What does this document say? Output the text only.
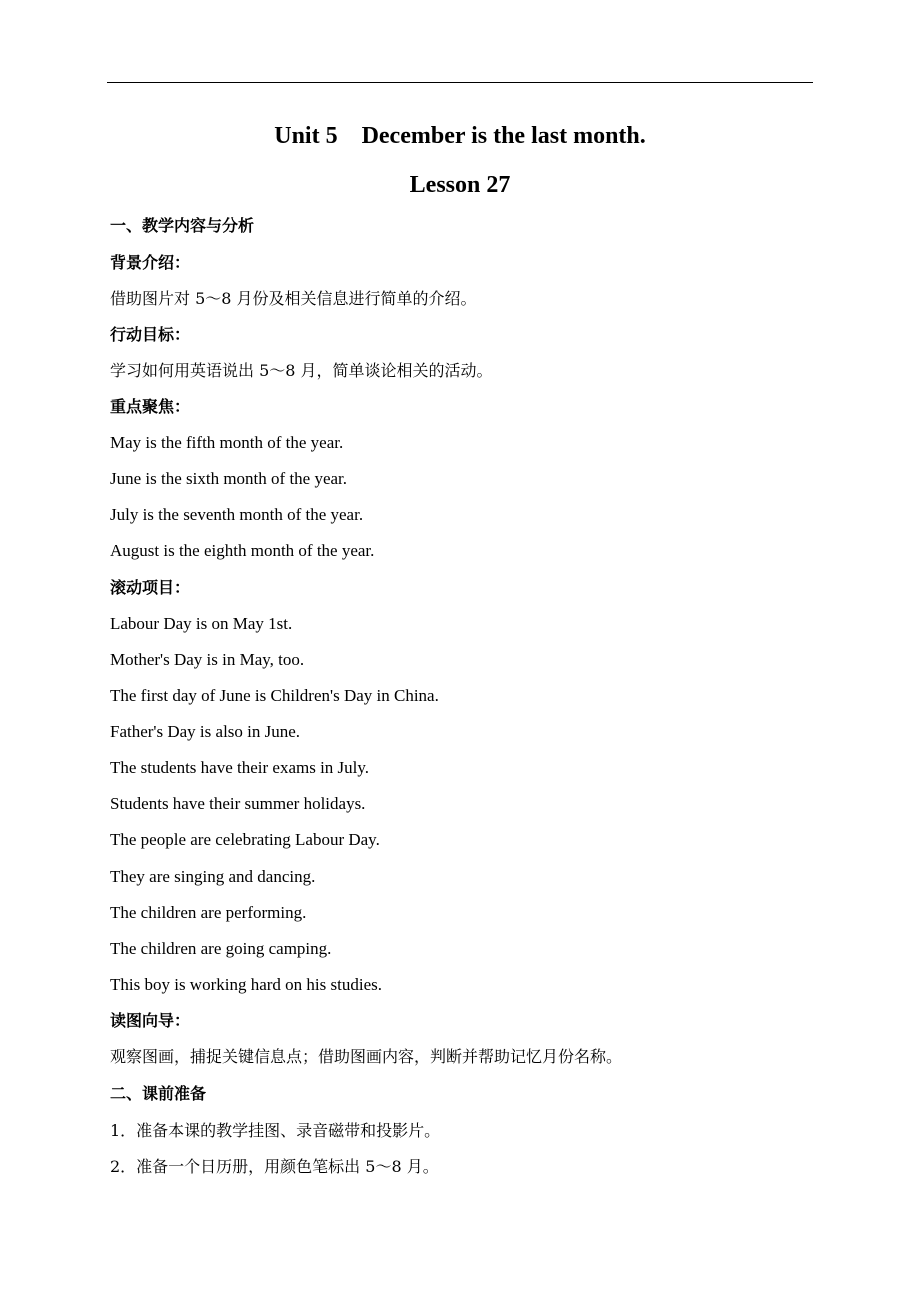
Unit 5    December is the last month.
Lesson 27
一、教学内容与分析
背景介绍：
借助图片对 5～8 月份及相关信息进行简单的介绍。
行动目标：
学习如何用英语说出 5～8 月，简单谈论相关的活动。
重点聚焦：
May is the fifth month of the year.
June is the sixth month of the year.
July is the seventh month of the year.
August is the eighth month of the year.
滚动项目：
Labour Day is on May 1st.
Mother's Day is in May, too.
The first day of June is Children's Day in China.
Father's Day is also in June.
The students have their exams in July.
Students have their summer holidays.
The people are celebrating Labour Day.
They are singing and dancing.
The children are performing.
The children are going camping.
This boy is working hard on his studies.
读图向导：
观察图画，捕捉关键信息点；借助图画内容，判断并帮助记忆月份名称。
二、课前准备
1．准备本课的教学挂图、录音磁带和投影片。
2．准备一个日历册，用颜色笔标出 5～8 月。
